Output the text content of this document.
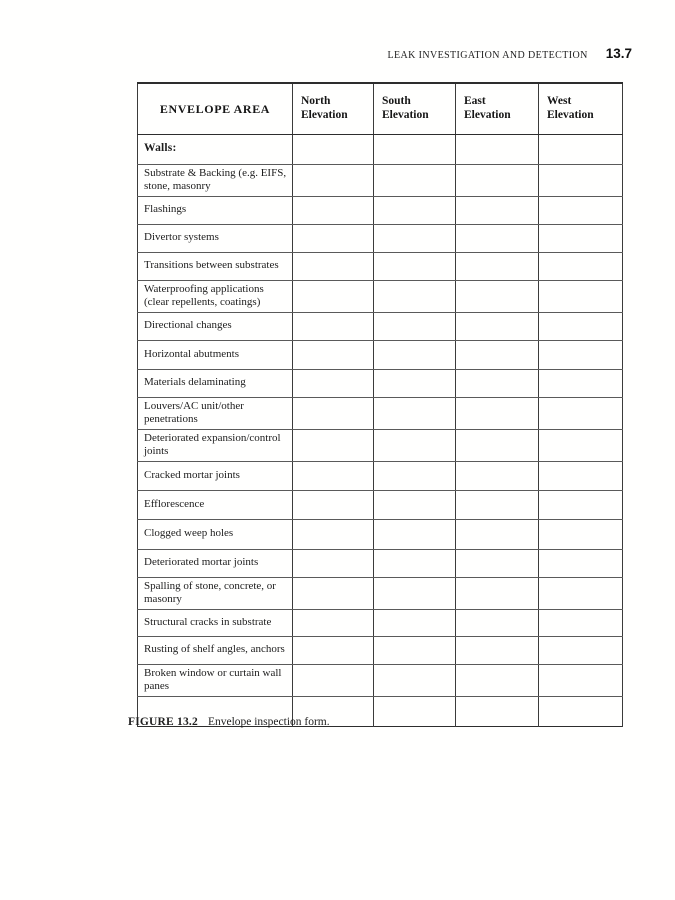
LEAK INVESTIGATION AND DETECTION 13.7
ENVELOPE AREA	North Elevation	South Elevation	East Elevation	West Elevation
Walls:				
Substrate & Backing (e.g. EIFS, stone, masonry				
Flashings				
Divertor systems				
Transitions between substrates				
Waterproofing applications (clear repellents, coatings)				
Directional changes				
Horizontal abutments				
Materials delaminating				
Louvers/AC unit/other penetrations				
Deteriorated expansion/control joints				
Cracked mortar joints				
Efflorescence				
Clogged weep holes				
Deteriorated mortar joints				
Spalling of stone, concrete, or masonry				
Structural cracks in substrate				
Rusting of shelf angles, anchors				
Broken window or curtain wall panes				

FIGURE 13.2 Envelope inspection form.
